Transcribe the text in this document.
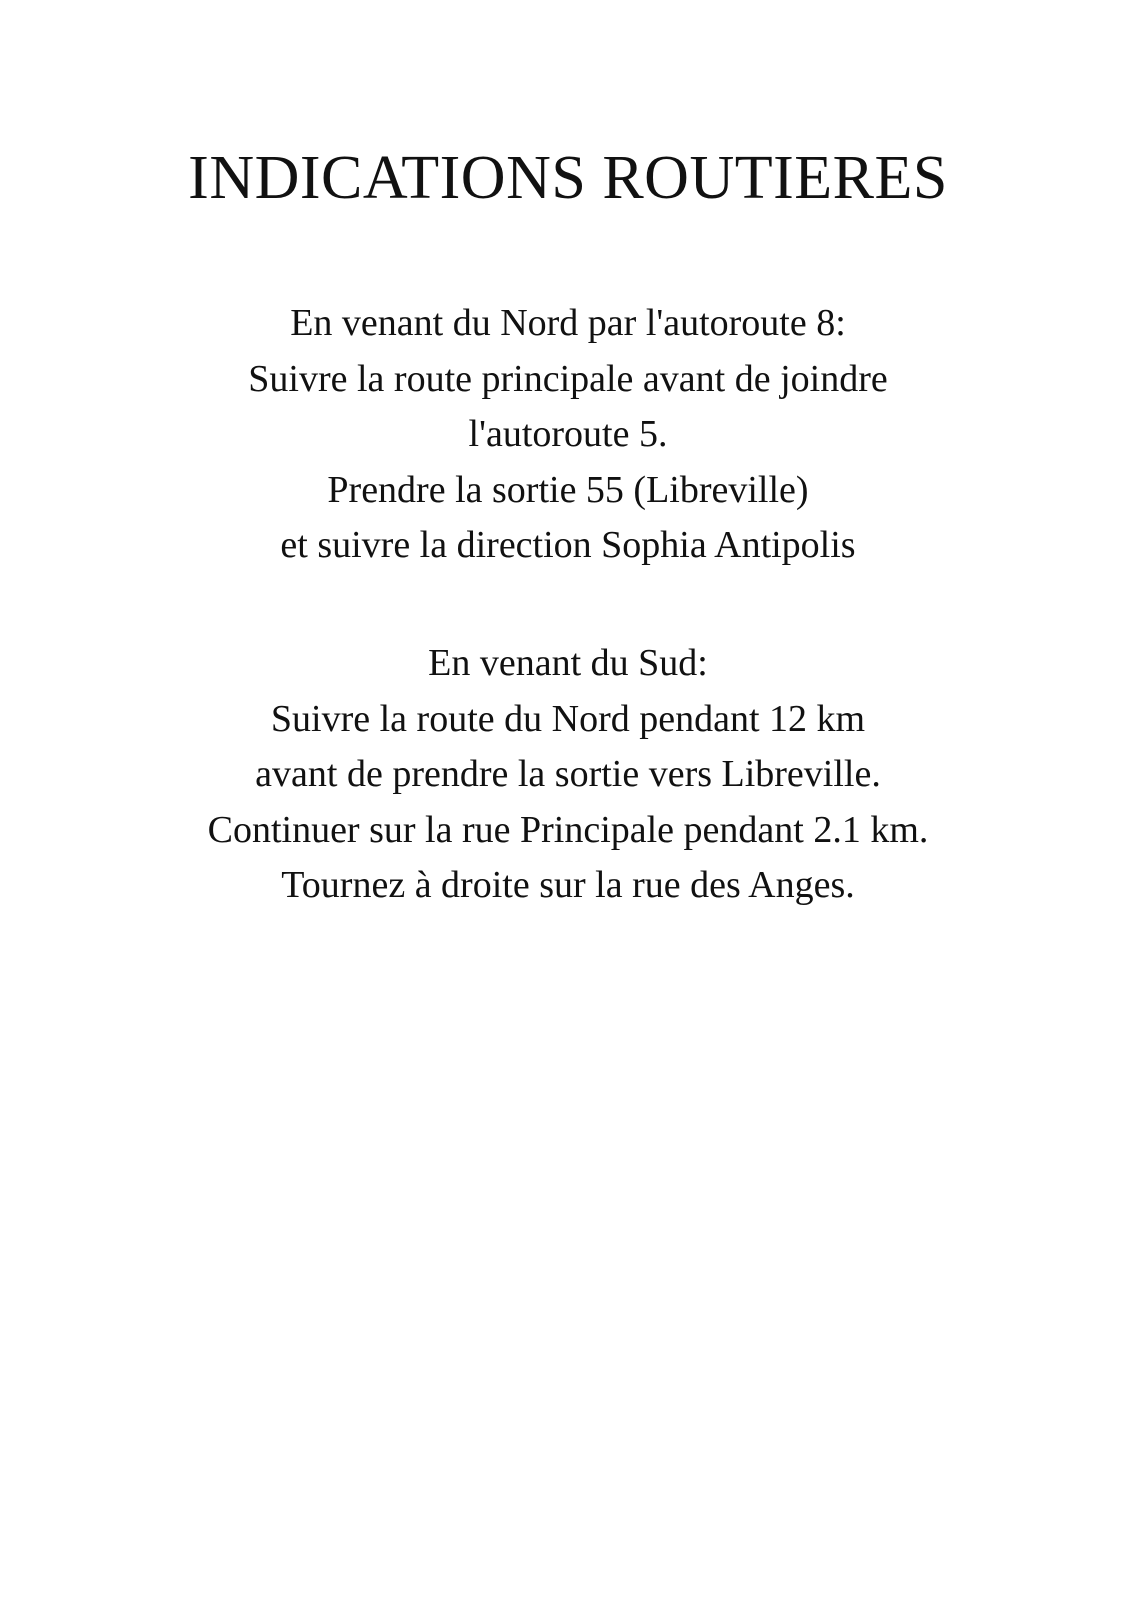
INDICATIONS ROUTIERES
En venant du Nord par l'autoroute 8:
Suivre la route principale avant de joindre
l'autoroute 5.
Prendre la sortie 55 (Libreville)
et suivre la direction Sophia Antipolis
En venant du Sud:
Suivre la route du Nord pendant 12 km
avant de prendre la sortie vers Libreville.
Continuer sur la rue Principale pendant 2.1 km.
Tournez à droite sur la rue des Anges.
